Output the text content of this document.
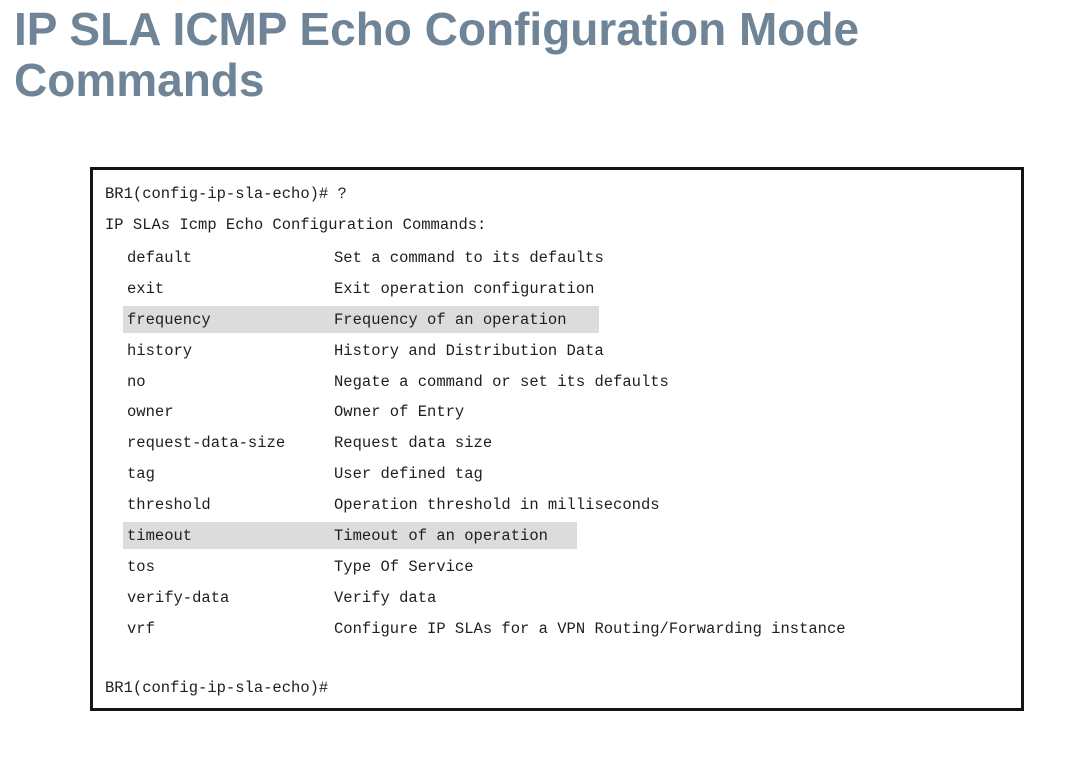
IP SLA ICMP Echo Configuration Mode
Commands
BR1(config-ip-sla-echo)# ?
IP SLAs Icmp Echo Configuration Commands:
default	Set a command to its defaults
exit	Exit operation configuration
frequency	Frequency of an operation
history	History and Distribution Data
no	Negate a command or set its defaults
owner	Owner of Entry
request-data-size	Request data size
tag	User defined tag
threshold	Operation threshold in milliseconds
timeout	Timeout of an operation
tos	Type Of Service
verify-data	Verify data
vrf	Configure IP SLAs for a VPN Routing/Forwarding instance
BR1(config-ip-sla-echo)#
